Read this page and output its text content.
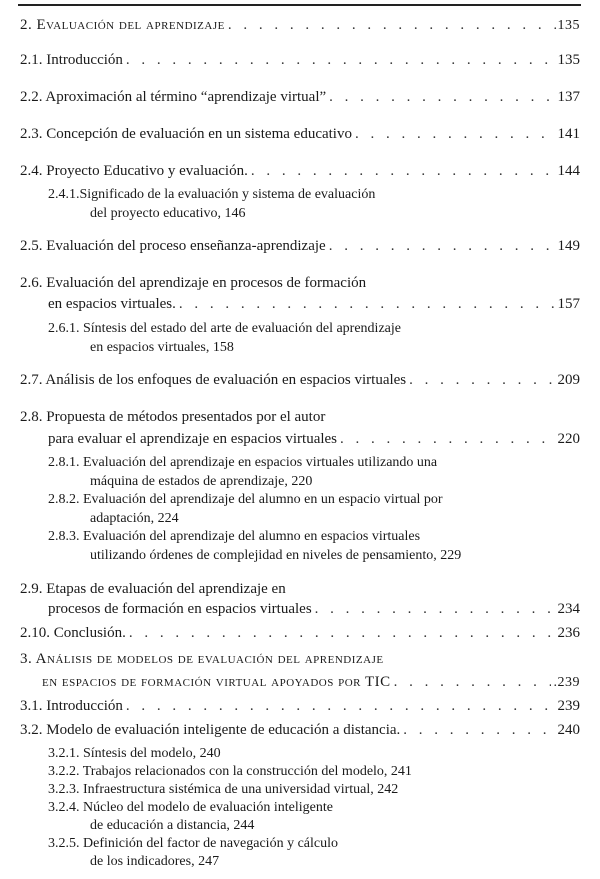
2. Evaluación del aprendizaje . . .	.135
2.1. Introducción . . .	135
2.2. Aproximación al término “aprendizaje virtual” . . .	137
2.3. Concepción de evaluación en un sistema educativo . . .	141
2.4. Proyecto Educativo y evaluación. . . .	144
2.4.1.Significado de la evaluación y sistema de evaluación
del proyecto educativo, 146
2.5. Evaluación del proceso enseñanza-aprendizaje . . .	149
2.6. Evaluación del aprendizaje en procesos de formación
en espacios virtuales. . . .	157
2.6.1. Síntesis del estado del arte de evaluación del aprendizaje
en espacios virtuales, 158
2.7. Análisis de los enfoques de evaluación en espacios virtuales . . .	209
2.8. Propuesta de métodos presentados por el autor
para evaluar el aprendizaje en espacios virtuales . . .	220
2.8.1. Evaluación del aprendizaje en espacios virtuales utilizando una
máquina de estados de aprendizaje, 220
2.8.2. Evaluación del aprendizaje del alumno en un espacio virtual por
adaptación, 224
2.8.3. Evaluación del aprendizaje del alumno en espacios virtuales
utilizando órdenes de complejidad en niveles de pensamiento, 229
2.9. Etapas de evaluación del aprendizaje en
procesos de formación en espacios virtuales . . .	234
2.10. Conclusión. . . .	236
3. Análisis de modelos de evaluación del aprendizaje
en espacios de formación virtual apoyados por TIC . . .	.239
3.1. Introducción . . .	239
3.2. Modelo de evaluación inteligente de educación a distancia. . . .	240
3.2.1. Síntesis del modelo, 240
3.2.2. Trabajos relacionados con la construcción del modelo, 241
3.2.3. Infraestructura sistémica de una universidad virtual, 242
3.2.4. Núcleo del modelo de evaluación inteligente
de educación a distancia, 244
3.2.5. Definición del factor de navegación y cálculo
de los indicadores, 247
